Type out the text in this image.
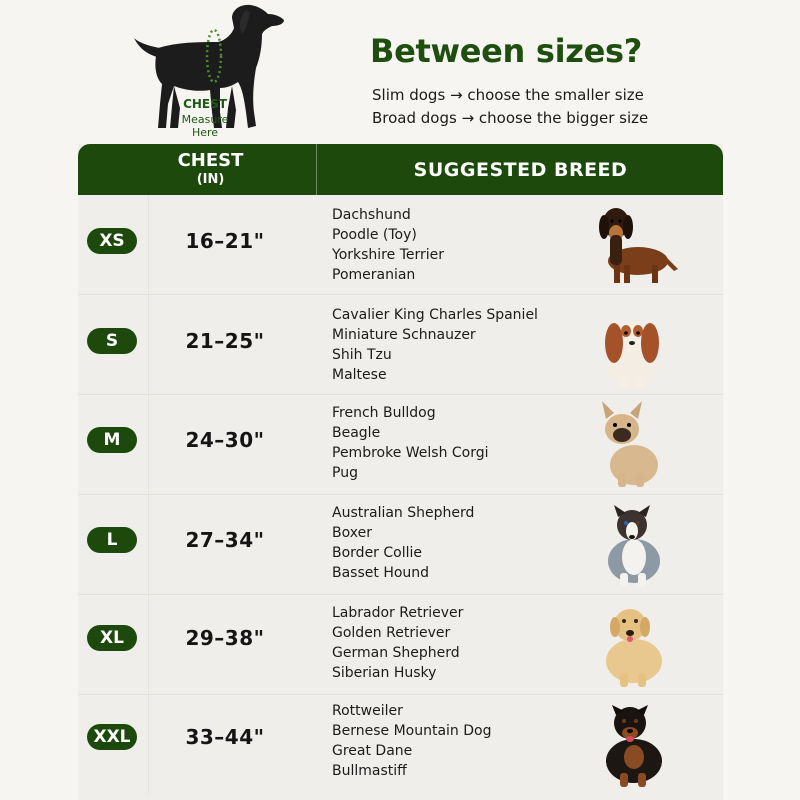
CHEST
Measure
Here
Between sizes?
Slim dogs → choose the smaller size
Broad dogs → choose the bigger size
CHEST
(IN)	SUGGESTED BREED
XS	16–21"
Dachshund
Poodle (Toy)
Yorkshire Terrier
Pomeranian
S	21–25"
Cavalier King Charles Spaniel
Miniature Schnauzer
Shih Tzu
Maltese
M	24–30"
French Bulldog
Beagle
Pembroke Welsh Corgi
Pug
L	27–34"
Australian Shepherd
Boxer
Border Collie
Basset Hound
XL	29–38"
Labrador Retriever
Golden Retriever
German Shepherd
Siberian Husky
XXL	33–44"
Rottweiler
Bernese Mountain Dog
Great Dane
Bullmastiff
